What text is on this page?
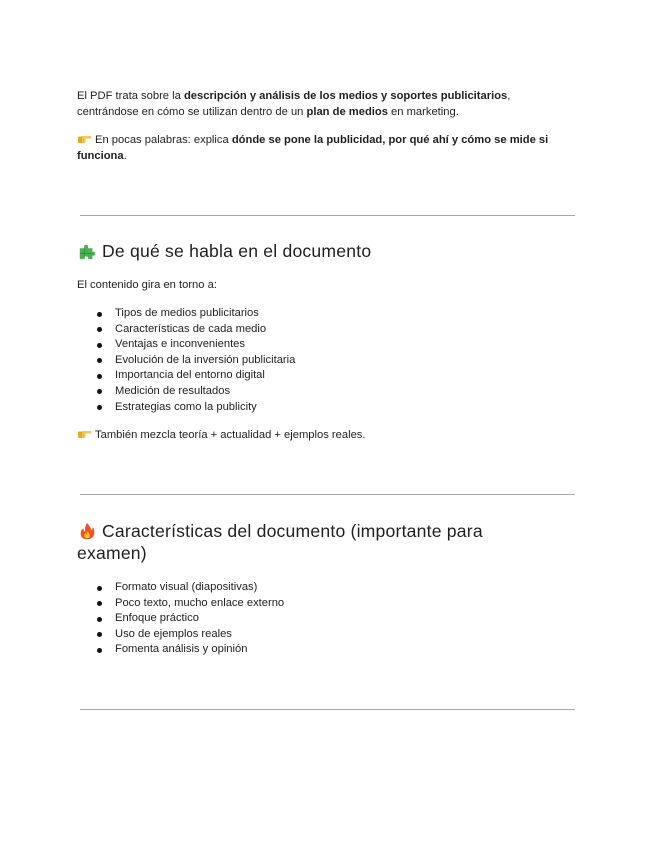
El PDF trata sobre la descripción y análisis de los medios y soportes publicitarios,
centrándose en cómo se utilizan dentro de un plan de medios en marketing.

En pocas palabras: explica dónde se pone la publicidad, por qué ahí y cómo se mide si
funciona.

De qué se habla en el documento

El contenido gira en torno a:

Tipos de medios publicitarios
Características de cada medio
Ventajas e inconvenientes
Evolución de la inversión publicitaria
Importancia del entorno digital
Medición de resultados
Estrategias como la publicity

También mezcla teoría + actualidad + ejemplos reales.

Características del documento (importante para
examen)
Formato visual (diapositivas)
Poco texto, mucho enlace externo
Enfoque práctico
Uso de ejemplos reales
Fomenta análisis y opinión
